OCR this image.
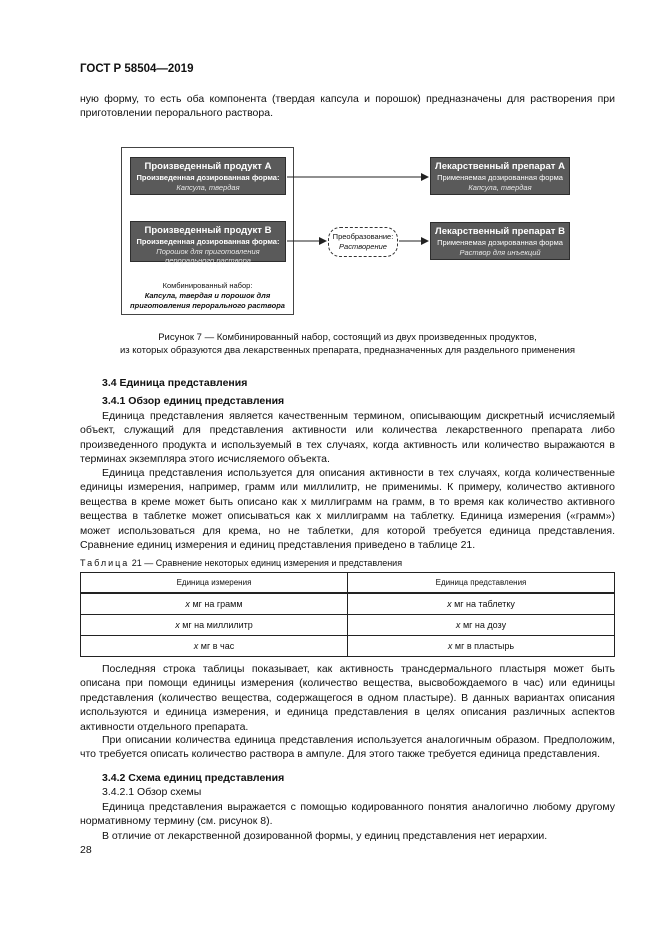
ГОСТ Р 58504—2019
ную форму, то есть оба компонента (твердая капсула и порошок) предназначены для растворения при приготовлении перорального раствора.
Комбинированный набор:
Капсула, твердая и порошок для
приготовления перорального раствора
Произведенный продукт А
Произведенная дозированная форма:
Капсула, твердая
Произведенный продукт В
Произведенная дозированная форма:
Порошок для приготовления
перорального раствора
Преобразование:
Растворение
Лекарственный препарат А
Применяемая дозированная форма
Капсула, твердая
Лекарственный препарат В
Применяемая дозированная форма
Раствор для инъекций
Рисунок 7 — Комбинированный набор, состоящий из двух произведенных продуктов,
из которых образуются два лекарственных препарата, предназначенных для раздельного применения
3.4 Единица представления
3.4.1 Обзор единиц представления
Единица представления является качественным термином, описывающим дискретный исчисляемый объект, служащий для представления активности или количества лекарственного препарата либо произведенного продукта и используемый в тех случаях, когда активность или количество выражаются в терминах экземпляра этого исчисляемого объекта.
Единица представления используется для описания активности в тех случаях, когда количественные единицы измерения, например, грамм или миллилитр, не применимы. К примеру, количество активного вещества в креме может быть описано как x миллиграмм на грамм, в то время как количество активного вещества в таблетке может описываться как x миллиграмм на таблетку. Единица измерения («грамм») может использоваться для крема, но не таблетки, для которой требуется единица представления. Сравнение единиц измерения и единиц представления приведено в таблице 21.
Таблица 21 — Сравнение некоторых единиц измерения и представления
Единица измерения	Единица представления
x мг на грамм	x мг на таблетку
x мг на миллилитр	x мг на дозу
x мг в час	x мг в пластырь
Последняя строка таблицы показывает, как активность трансдермального пластыря может быть описана при помощи единицы измерения (количество вещества, высвобождаемого в час) или единицы представления (количество вещества, содержащегося в одном пластыре). В данных вариантах описания используются и единица измерения, и единица представления в целях описания различных аспектов активности отдельного препарата.
При описании количества единица представления используется аналогичным образом. Предположим, что требуется описать количество раствора в ампуле. Для этого также требуется единица представления.
3.4.2 Схема единиц представления
3.4.2.1 Обзор схемы
Единица представления выражается с помощью кодированного понятия аналогично любому другому нормативному термину (см. рисунок 8).
В отличие от лекарственной дозированной формы, у единиц представления нет иерархии.
28
